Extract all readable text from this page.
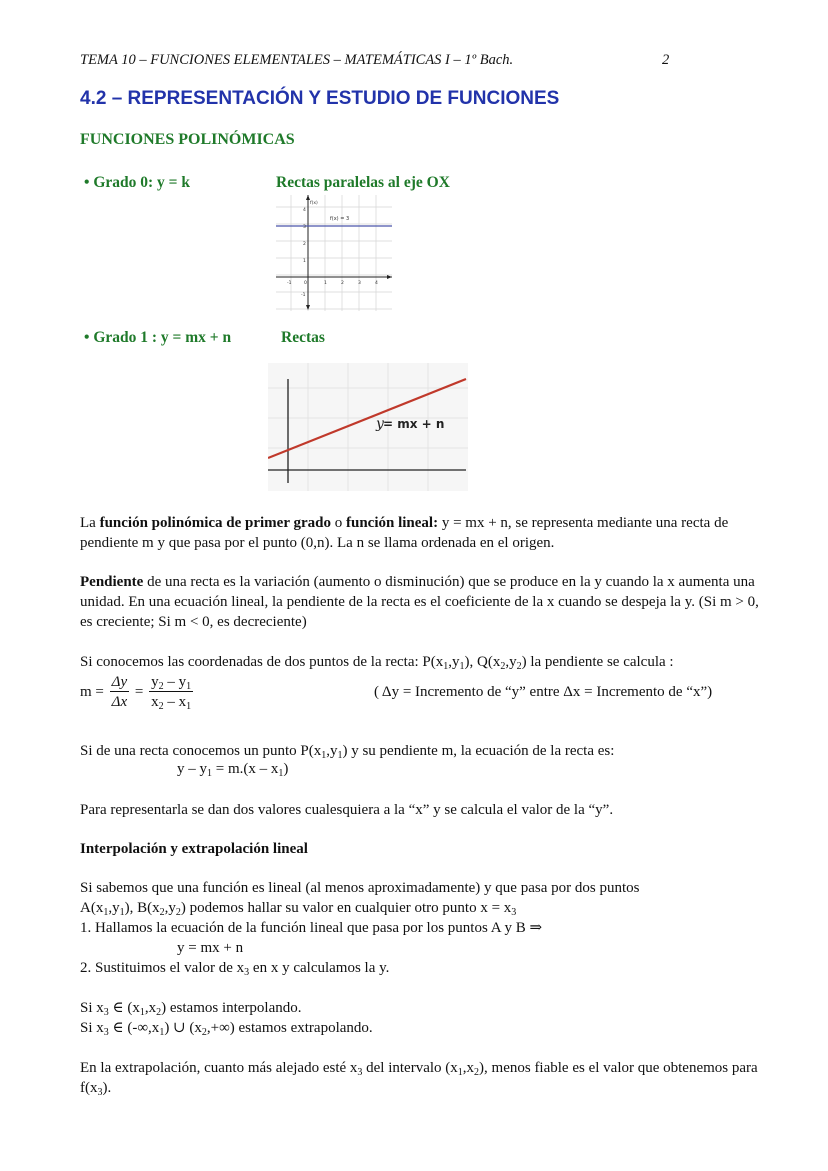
TEMA 10 – FUNCIONES ELEMENTALES – MATEMÁTICAS I – 1º Bach.	2
4.2 – REPRESENTACIÓN Y ESTUDIO DE FUNCIONES
FUNCIONES POLINÓMICAS
• Grado 0: y = k	Rectas paralelas al eje OX
f(x) = 3
f(x)
-1	0	1	2	3	4
4
3
2
1
-1
• Grado 1 : y = mx + n	Rectas
y = mx + n
La función polinómica de primer grado o función lineal: y = mx + n, se representa mediante una recta de pendiente m y que pasa por el punto (0,n). La n se llama ordenada en el origen.
Pendiente de una recta es la variación (aumento o disminución) que se produce en la y cuando la x aumenta una unidad. En una ecuación lineal, la pendiente de la recta es el coeficiente de la x cuando se despeja la y. (Si m > 0, es creciente; Si m < 0, es decreciente)
Si conocemos las coordenadas de dos puntos de la recta: $P(x_1,y_1)$, $Q(x_2,y_2)$ la pendiente se calcula :
$m = \frac{\Delta y}{\Delta x} = \frac{y_2 - y_1}{x_2 - x_1}$	( Δy = Incremento de “y” entre Δx = Incremento de “x”)
Si de una recta conocemos un punto $P(x_1,y_1)$ y su pendiente m, la ecuación de la recta es:
$y - y_1 = m.(x - x_1)$
Para representarla se dan dos valores cualesquiera a la “x” y se calcula el valor de la “y”.
Interpolación y extrapolación lineal

Si sabemos que una función es lineal (al menos aproximadamente) y que pasa por dos puntos

$A(x_1,y_1)$, $B(x_2,y_2)$ podemos hallar su valor en cualquier otro punto $x = x_3$

1. Hallamos la ecuación de la función lineal que pasa por los puntos A y B ⇒

y = mx + n

2. Sustituimos el valor de $x_3$ en x y calculamos la y.

Si $x_3$ ∈ $(x_1,x_2)$ estamos interpolando.

Si $x_3$ ∈ $(-\infty,x_1)$ ∪ $(x_2,+\infty)$ estamos extrapolando.

En la extrapolación, cuanto más alejado esté $x_3$ del intervalo $(x_1,x_2)$, menos fiable es el valor que obtenemos para $f(x_3)$.
